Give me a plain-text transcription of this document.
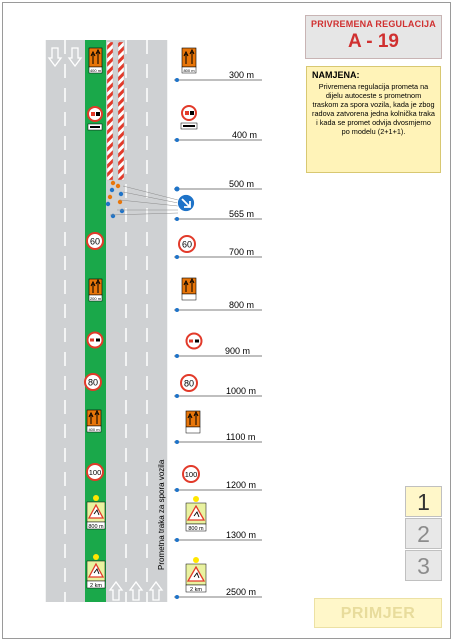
400 m
60
200 m
80
400 m
100
800 m
2 km
800 m
60
80
100
800 m
2 km
300 m
400 m
500 m
565 m
700 m
800 m
900 m
1000 m
1100 m
1200 m
1300 m
2500 m
Prometna traka za spora vozila
PRIVREMENA REGULACIJA
A - 19
NAMJENA:
Privremena regulacija prometa na dijelu autoceste s prometnom traskom za spora vozila, kada je zbog radova zatvorena jedna kolnička traka i kada se promet odvija dvosmjerno po modelu (2+1+1).
1
2
3
PRIMJER
